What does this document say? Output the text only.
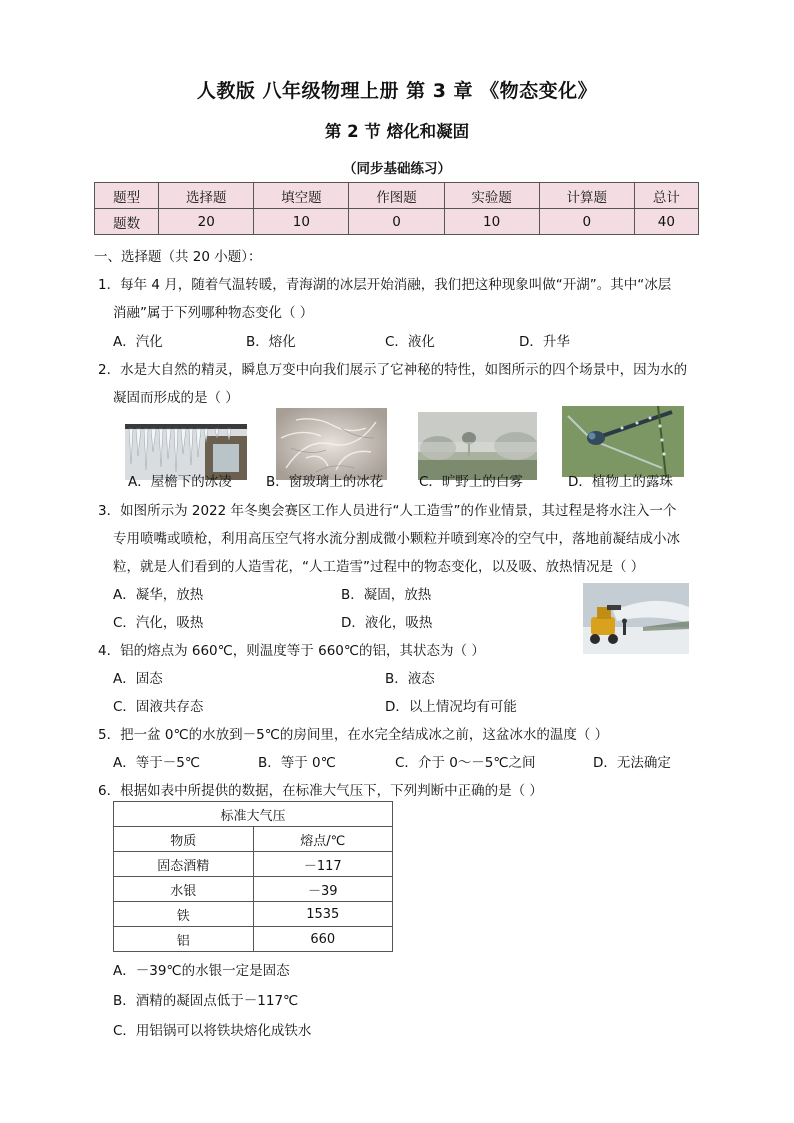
人教版 八年级物理上册 第 3 章 《物态变化》
第 2 节 熔化和凝固
（同步基础练习）
题型	选择题	填空题	作图题	实验题	计算题	总计
题数	20	10	0	10	0	40
一、选择题（共 20 小题）：
1．每年 4 月，随着气温转暖，青海湖的冰层开始消融，我们把这种现象叫做“开湖”。其中“冰层
消融”属于下列哪种物态变化（ ）
A．汽化	B．熔化	C．液化	D．升华
2．水是大自然的精灵，瞬息万变中向我们展示了它神秘的特性，如图所示的四个场景中，因为水的
凝固而形成的是（ ）
A．屋檐下的冰凌	B．窗玻璃上的冰花	C．旷野上的白雾	D．植物上的露珠
3．如图所示为 2022 年冬奥会赛区工作人员进行“人工造雪”的作业情景，其过程是将水注入一个
专用喷嘴或喷枪，利用高压空气将水流分割成微小颗粒并喷到寒冷的空气中，落地前凝结成小冰
粒，就是人们看到的人造雪花，“人工造雪”过程中的物态变化，以及吸、放热情况是（ ）
A．凝华，放热	B．凝固，放热
C．汽化，吸热	D．液化，吸热
4．铝的熔点为 660℃，则温度等于 660℃的铝，其状态为（ ）
A．固态	B．液态
C．固液共存态	D．以上情况均有可能
5．把一盆 0℃的水放到－5℃的房间里，在水完全结成冰之前，这盆冰水的温度（ ）
A．等于－5℃	B．等于 0℃	C．介于 0～－5℃之间	D．无法确定
6．根据如表中所提供的数据，在标准大气压下，下列判断中正确的是（ ）
标准大气压	
物质	熔点/℃
固态酒精	－117
水银	－39
铁	1535
铝	660
A．－39℃的水银一定是固态
B．酒精的凝固点低于－117℃
C．用铝锅可以将铁块熔化成铁水
